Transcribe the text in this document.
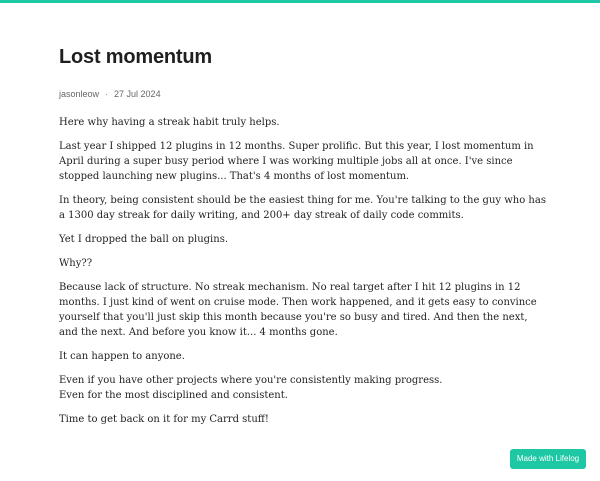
Lost momentum
jasonleow · 27 Jul 2024

Here why having a streak habit truly helps.

Last year I shipped 12 plugins in 12 months. Super prolific. But this year, I lost momentum in April during a super busy period where I was working multiple jobs all at once. I've since stopped launching new plugins... That's 4 months of lost momentum.

In theory, being consistent should be the easiest thing for me. You're talking to the guy who has a 1300 day streak for daily writing, and 200+ day streak of daily code commits.

Yet I dropped the ball on plugins.

Why??

Because lack of structure. No streak mechanism. No real target after I hit 12 plugins in 12 months. I just kind of went on cruise mode. Then work happened, and it gets easy to convince yourself that you'll just skip this month because you're so busy and tired. And then the next, and the next. And before you know it... 4 months gone.

It can happen to anyone.

Even if you have other projects where you're consistently making progress.

Even for the most disciplined and consistent.

Time to get back on it for my Carrd stuff!

Made with Lifelog
